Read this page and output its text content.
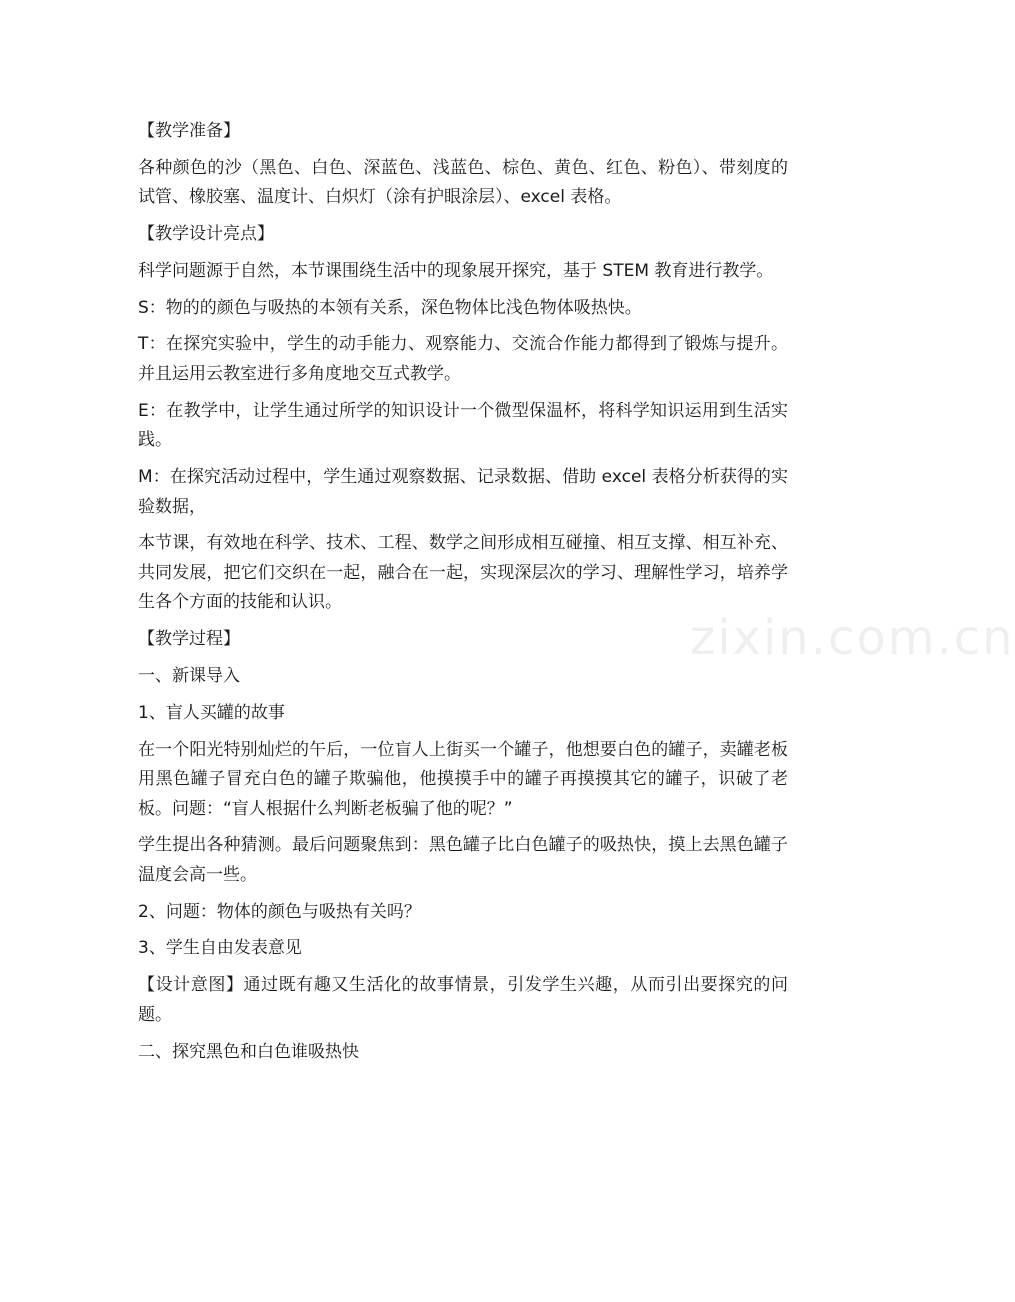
【教学准备】

各种颜色的沙（黑色、白色、深蓝色、浅蓝色、棕色、黄色、红色、粉色）、带刻度的试管、橡胶塞、温度计、白炽灯（涂有护眼涂层）、excel 表格。

【教学设计亮点】

科学问题源于自然，本节课围绕生活中的现象展开探究，基于 STEM 教育进行教学。

S：物的的颜色与吸热的本领有关系，深色物体比浅色物体吸热快。

T：在探究实验中，学生的动手能力、观察能力、交流合作能力都得到了锻炼与提升。并且运用云教室进行多角度地交互式教学。

E：在教学中，让学生通过所学的知识设计一个微型保温杯，将科学知识运用到生活实践。

M：在探究活动过程中，学生通过观察数据、记录数据、借助 excel 表格分析获得的实验数据，

本节课，有效地在科学、技术、工程、数学之间形成相互碰撞、相互支撑、相互补充、共同发展，把它们交织在一起，融合在一起，实现深层次的学习、理解性学习，培养学生各个方面的技能和认识。

【教学过程】

一、新课导入

1、盲人买罐的故事

在一个阳光特别灿烂的午后，一位盲人上街买一个罐子，他想要白色的罐子，卖罐老板用黑色罐子冒充白色的罐子欺骗他，他摸摸手中的罐子再摸摸其它的罐子，识破了老板。问题：“盲人根据什么判断老板骗了他的呢？”

学生提出各种猜测。最后问题聚焦到：黑色罐子比白色罐子的吸热快，摸上去黑色罐子温度会高一些。

2、问题：物体的颜色与吸热有关吗？

3、学生自由发表意见

【设计意图】通过既有趣又生活化的故事情景，引发学生兴趣，从而引出要探究的问题。

二、探究黑色和白色谁吸热快

zixin.com.cn
